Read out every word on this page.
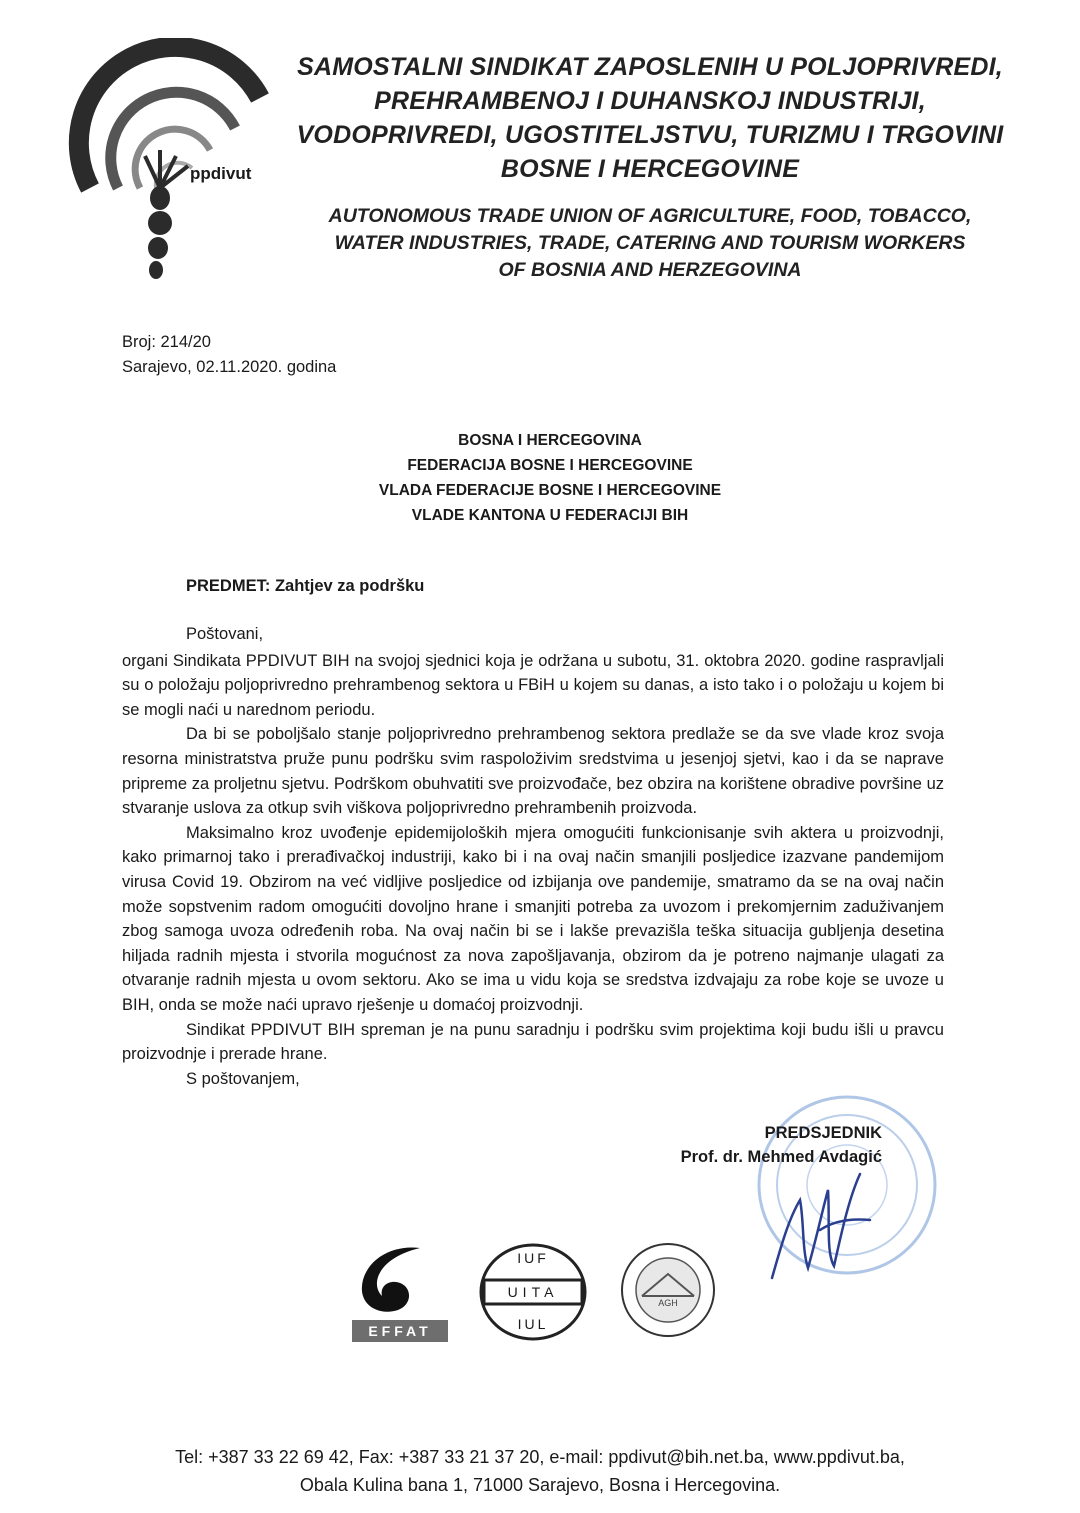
ppdivut
SAMOSTALNI SINDIKAT ZAPOSLENIH U POLJOPRIVREDI,
PREHRAMBENOJ I DUHANSKOJ INDUSTRIJI,
VODOPRIVREDI, UGOSTITELJSTVU, TURIZMU I TRGOVINI
BOSNE I HERCEGOVINE
AUTONOMOUS TRADE UNION OF AGRICULTURE, FOOD, TOBACCO,
WATER INDUSTRIES, TRADE, CATERING AND TOURISM WORKERS
OF BOSNIA AND HERZEGOVINA
Broj: 214/20
Sarajevo, 02.11.2020. godina
BOSNA I HERCEGOVINA
FEDERACIJA BOSNE I HERCEGOVINE
VLADA FEDERACIJE BOSNE I HERCEGOVINE
VLADE KANTONA U FEDERACIJI BIH
PREDMET: Zahtjev za podršku

Poštovani,

organi Sindikata PPDIVUT BIH na svojoj sjednici koja je održana u subotu, 31. oktobra 2020. godine raspravljali su o položaju poljoprivredno prehrambenog sektora u FBiH u kojem su danas, a isto tako i o položaju u kojem bi se mogli naći u narednom periodu.

Da bi se poboljšalo stanje poljoprivredno prehrambenog sektora predlaže se da sve vlade kroz svoja resorna ministratstva pruže punu podršku svim raspoloživim sredstvima u jesenjoj sjetvi, kao i da se naprave pripreme za proljetnu sjetvu. Podrškom obuhvatiti sve proizvođače, bez obzira na korištene obradive površine uz stvaranje uslova za otkup svih viškova poljoprivredno prehrambenih proizvoda.

Maksimalno kroz uvođenje epidemijoloških mjera omogućiti funkcionisanje svih aktera u proizvodnji, kako primarnoj tako i prerađivačkoj industriji, kako bi i na ovaj način smanjili posljedice izazvane pandemijom virusa Covid 19. Obzirom na već vidljive posljedice od izbijanja ove pandemije, smatramo da se na ovaj način može sopstvenim radom omogućiti dovoljno hrane i smanjiti potreba za uvozom i prekomjernim zaduživanjem zbog samoga uvoza određenih roba. Na ovaj način bi se i lakše prevazišla teška situacija gubljenja desetina hiljada radnih mjesta i stvorila mogućnost za nova zapošljavanja, obzirom da je potreno najmanje ulagati za otvaranje radnih mjesta u ovom sektoru. Ako se ima u vidu koja se sredstva izdvajaju za robe koje se uvoze u BIH, onda se može naći upravo rješenje u domaćoj proizvodnji.

Sindikat PPDIVUT BIH spreman je na punu saradnju i podršku svim projektima koji budu išli u pravcu proizvodnje i prerade hrane.

S poštovanjem,

PREDSJEDNIK
Prof. dr. Mehmed Avdagić
EFFAT
IUF
UITA
IUL
AGH
Tel: +387 33 22 69 42, Fax: +387 33 21 37 20, e-mail: ppdivut@bih.net.ba, www.ppdivut.ba,
Obala Kulina bana 1, 71000 Sarajevo, Bosna i Hercegovina.
